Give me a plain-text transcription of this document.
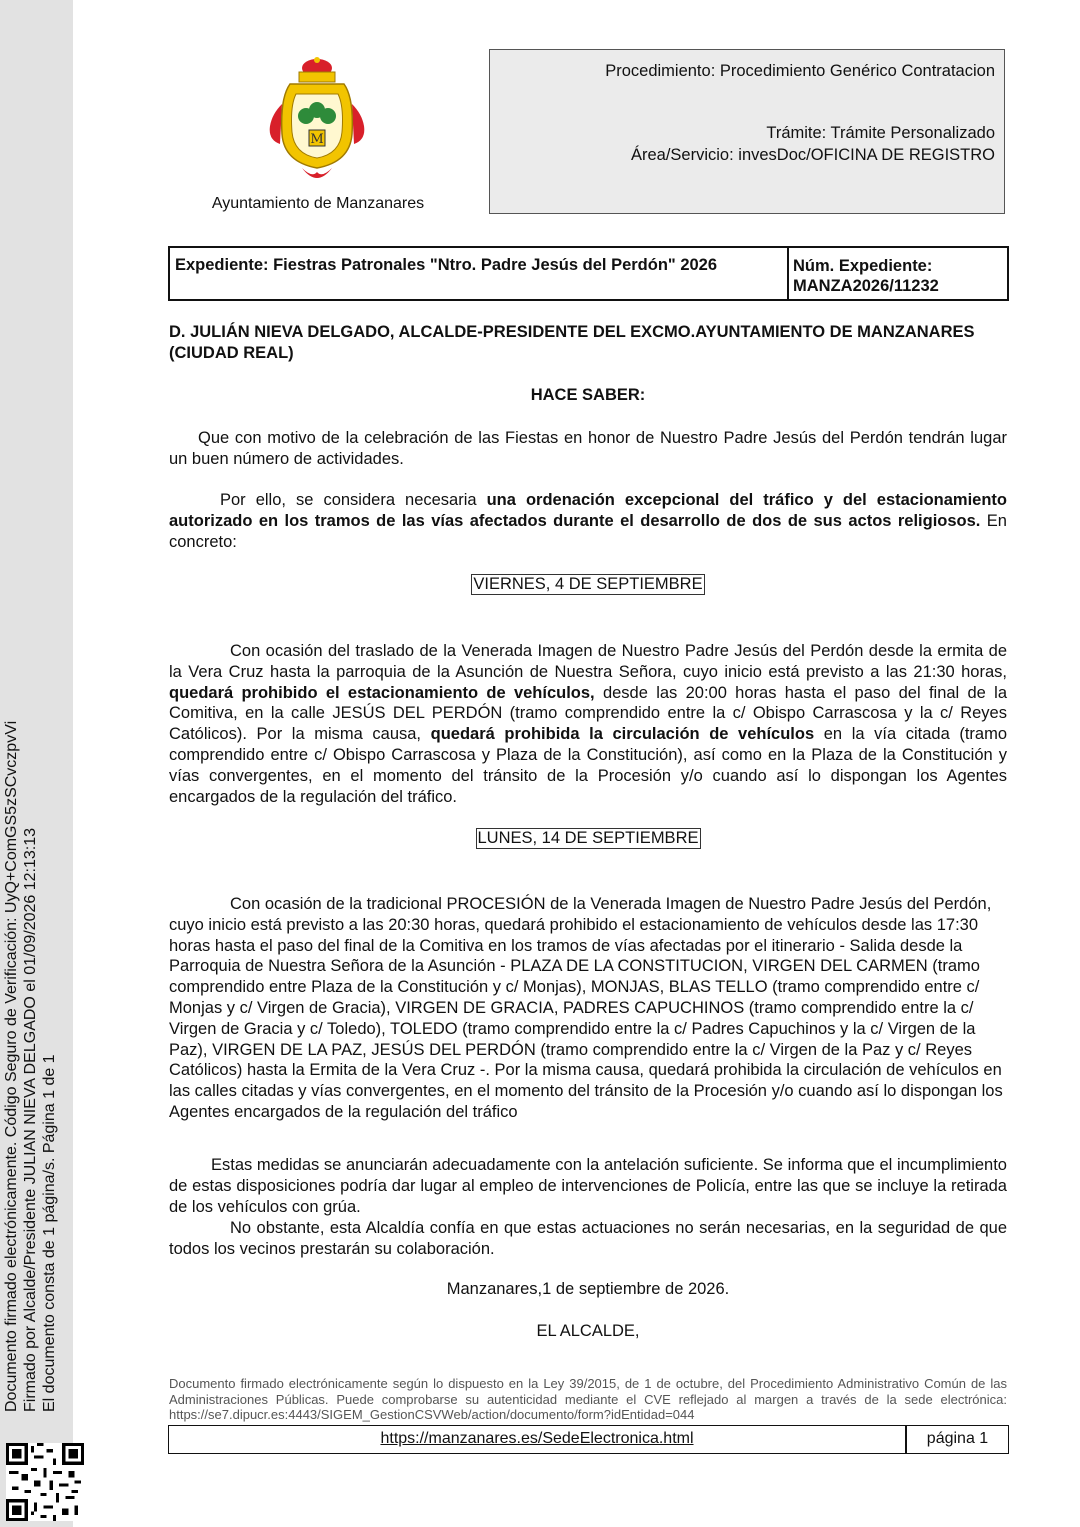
Documento firmado electrónicamente. Código Seguro de Verificación: UyQ+ComGS5zSCvczpvVi Firmado por Alcalde/Presidente JULIAN NIEVA DELGADO el 01/09/2026 12:13:13 El documento consta de 1 página/s. Página 1 de 1
M
Ayuntamiento de Manzanares
Procedimiento: Procedimiento Genérico Contratacion
Trámite: Trámite Personalizado
Área/Servicio: invesDoc/OFICINA DE REGISTRO
Expediente: Fiestras Patronales "Ntro. Padre Jesús del Perdón" 2026	Núm. Expediente:
MANZA2026/11232
D. JULIÁN NIEVA DELGADO, ALCALDE-PRESIDENTE DEL EXCMO.AYUNTAMIENTO DE MANZANARES (CIUDAD REAL)
HACE SABER:
Que con motivo de la celebración de las Fiestas en honor de Nuestro Padre Jesús del Perdón tendrán lugar un buen número de actividades.
Por ello, se considera necesaria una ordenación excepcional del tráfico y del estacionamiento autorizado en los tramos de las vías afectados durante el desarrollo de dos de sus actos religiosos. En concreto:
VIERNES, 4 DE SEPTIEMBRE
Con ocasión del traslado de la Venerada Imagen de Nuestro Padre Jesús del Perdón desde la ermita de la Vera Cruz hasta la parroquia de la Asunción de Nuestra Señora, cuyo inicio está previsto a las 21:30 horas, quedará prohibido el estacionamiento de vehículos, desde las 20:00 horas hasta el paso del final de la Comitiva, en la calle JESÚS DEL PERDÓN (tramo comprendido entre la c/ Obispo Carrascosa y la c/ Reyes Católicos). Por la misma causa, quedará prohibida la circulación de vehículos en la vía citada (tramo comprendido entre c/ Obispo Carrascosa y Plaza de la Constitución), así como en la Plaza de la Constitución y vías convergentes, en el momento del tránsito de la Procesión y/o cuando así lo dispongan los Agentes encargados de la regulación del tráfico.
LUNES, 14 DE SEPTIEMBRE
Con ocasión de la tradicional PROCESIÓN de la Venerada Imagen de Nuestro Padre Jesús del Perdón, cuyo inicio está previsto a las 20:30 horas, quedará prohibido el estacionamiento de vehículos desde las 17:30 horas hasta el paso del final de la Comitiva en los tramos de vías afectadas por el itinerario - Salida desde la Parroquia de Nuestra Señora de la Asunción - PLAZA DE LA CONSTITUCION, VIRGEN DEL CARMEN (tramo comprendido entre Plaza de la Constitución y c/ Monjas), MONJAS, BLAS TELLO (tramo comprendido entre c/ Monjas y c/ Virgen de Gracia), VIRGEN DE GRACIA, PADRES CAPUCHINOS (tramo comprendido entre la c/ Virgen de Gracia y c/ Toledo), TOLEDO (tramo comprendido entre la c/ Padres Capuchinos y la c/ Virgen de la Paz), VIRGEN DE LA PAZ, JESÚS DEL PERDÓN (tramo comprendido entre la c/ Virgen de la Paz y c/ Reyes Católicos) hasta la Ermita de la Vera Cruz -. Por la misma causa, quedará prohibida la circulación de vehículos en las calles citadas y vías convergentes, en el momento del tránsito de la Procesión y/o cuando así lo dispongan los Agentes encargados de la regulación del tráfico
Estas medidas se anunciarán adecuadamente con la antelación suficiente. Se informa que el incumplimiento de estas disposiciones podría dar lugar al empleo de intervenciones de Policía, entre las que se incluye la retirada de los vehículos con grúa.
No obstante, esta Alcaldía confía en que estas actuaciones no serán necesarias, en la seguridad de que todos los vecinos prestarán su colaboración.
Manzanares,1 de septiembre de 2026.
EL ALCALDE,
Documento firmado electrónicamente según lo dispuesto en la Ley 39/2015, de 1 de octubre, del Procedimiento Administrativo Común de las Administraciones Públicas. Puede comprobarse su autenticidad mediante el CVE reflejado al margen a través de la sede electrónica: https://se7.dipucr.es:4443/SIGEM_GestionCSVWeb/action/documento/form?idEntidad=044
https://manzanares.es/SedeElectronica.html	página 1
